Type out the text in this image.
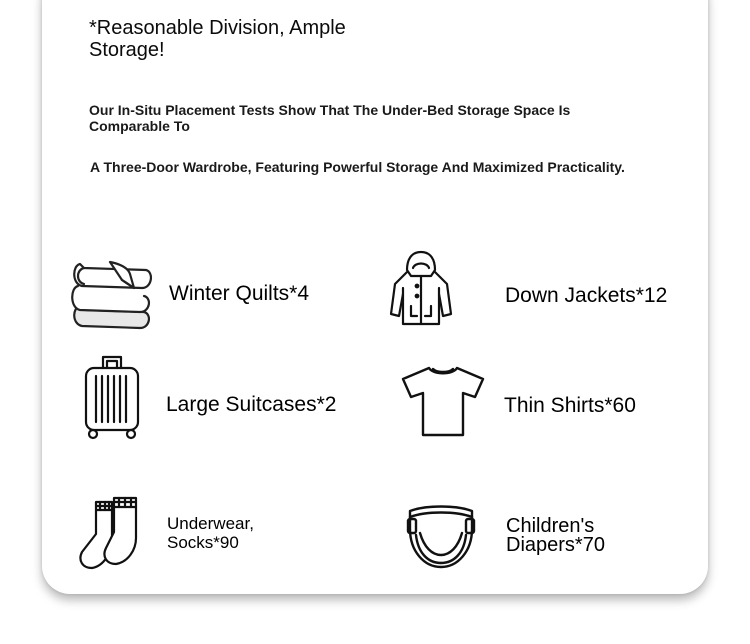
*Reasonable Division, Ample Storage!

Our In-Situ Placement Tests Show That The Under-Bed Storage Space Is Comparable To

A Three-Door Wardrobe, Featuring Powerful Storage And Maximized Practicality.

Winter Quilts*4	Down Jackets*12
Large Suitcases*2	Thin Shirts*60
Underwear,
Socks*90
Children's
Diapers*70
